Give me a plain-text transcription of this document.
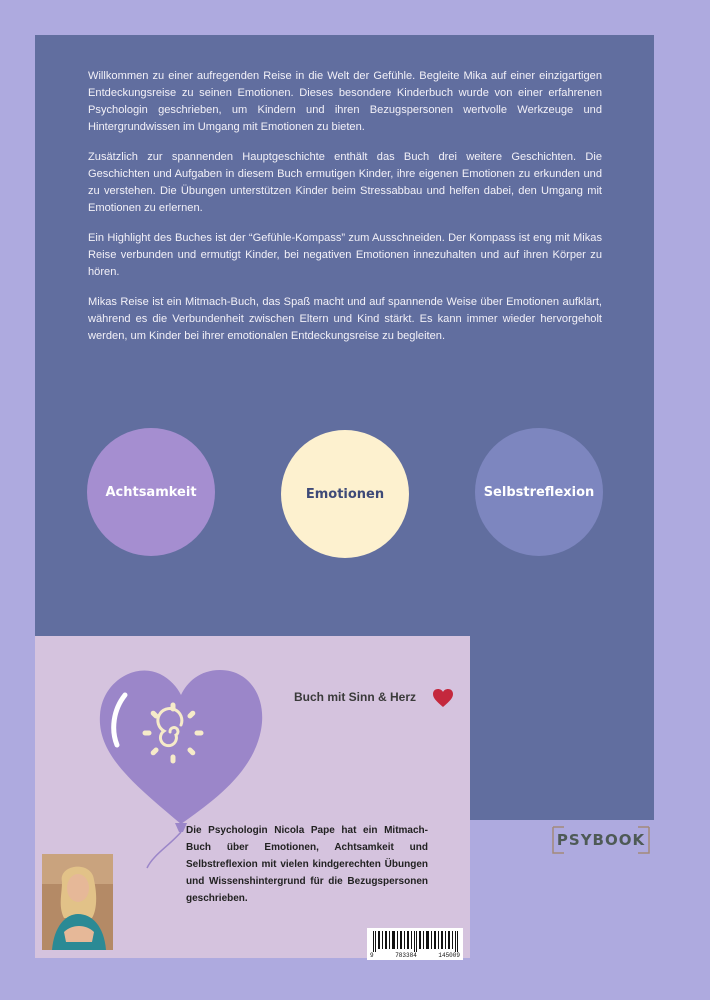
Willkommen zu einer aufregenden Reise in die Welt der Gefühle. Begleite Mika auf einer einzigartigen Entdeckungsreise zu seinen Emotionen. Dieses besondere Kinderbuch wurde von einer erfahrenen Psychologin geschrieben, um Kindern und ihren Bezugspersonen wertvolle Werkzeuge und Hintergrundwissen im Umgang mit Emotionen zu bieten.

Zusätzlich zur spannenden Hauptgeschichte enthält das Buch drei weitere Geschichten. Die Geschichten und Aufgaben in diesem Buch ermutigen Kinder, ihre eigenen Emotionen zu erkunden und zu verstehen. Die Übungen unterstützen Kinder beim Stressabbau und helfen dabei, den Umgang mit Emotionen zu erlernen.

Ein Highlight des Buches ist der “Gefühle-Kompass” zum Ausschneiden. Der Kompass ist eng mit Mikas Reise verbunden und ermutigt Kinder, bei negativen Emotionen innezuhalten und auf ihren Körper zu hören.

Mikas Reise ist ein Mitmach-Buch, das Spaß macht und auf spannende Weise über Emotionen aufklärt, während es die Verbundenheit zwischen Eltern und Kind stärkt. Es kann immer wieder hervorgeholt werden, um Kinder bei ihrer emotionalen Entdeckungsreise zu begleiten.

Achtsamkeit	Emotionen	Selbstreflexion
Buch mit Sinn & Herz
Die Psychologin Nicola Pape hat ein Mitmach-Buch über Emotionen, Achtsamkeit und Selbstreflexion mit vielen kindgerechten Übungen und Wissenshintergrund für die Bezugspersonen geschrieben.
9	783384	145009
PSYBOOK
